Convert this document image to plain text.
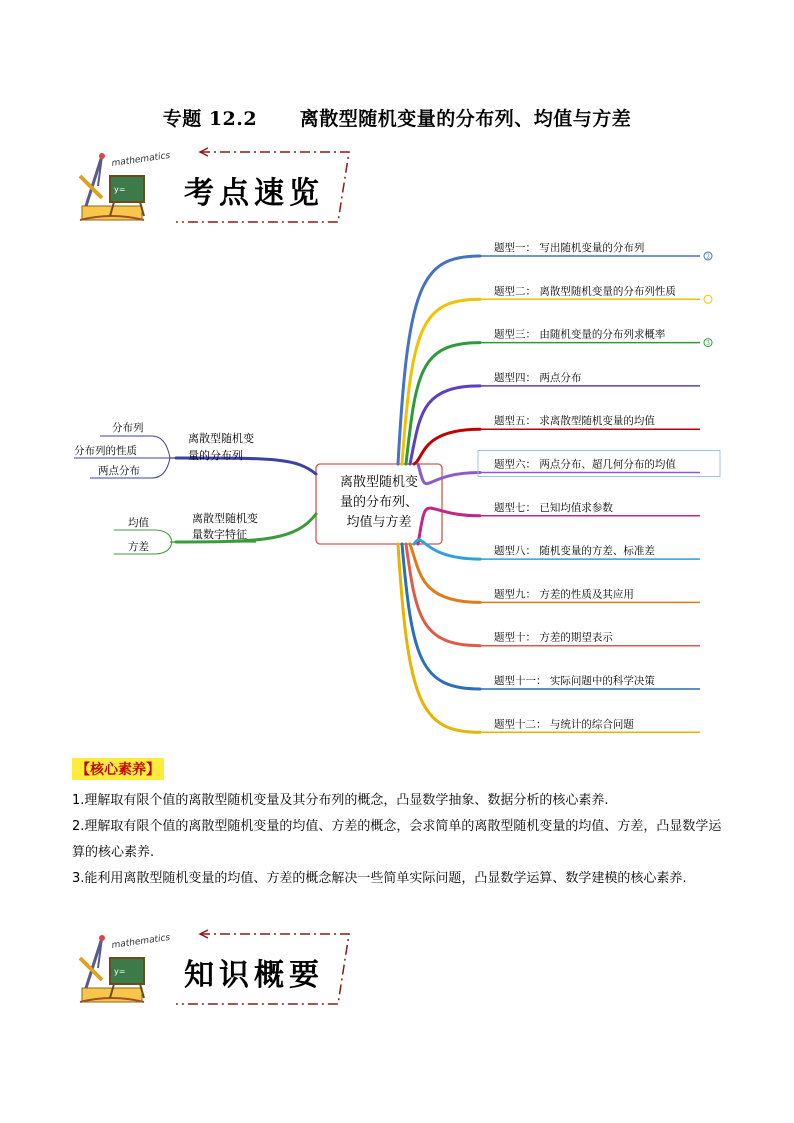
专题 12.2      离散型随机变量的分布列、均值与方差
y=
mathematics
考点速览
离散型随机变
量的分布列、
均值与方差
题型一： 写出随机变量的分布列
2
题型二： 离散型随机变量的分布列性质
题型三： 由随机变量的分布列求概率
3
题型四： 两点分布
题型五： 求离散型随机变量的均值
题型六： 两点分布、超几何分布的均值
题型七： 已知均值求参数
题型八： 随机变量的方差、标准差
题型九： 方差的性质及其应用
题型十： 方差的期望表示
题型十一： 实际问题中的科学决策
题型十二： 与统计的综合问题
离散型随机变
量的分布列
分布列
分布列的性质
两点分布
离散型随机变
量数字特征
均值
方差
【核心素养】
1.理解取有限个值的离散型随机变量及其分布列的概念，凸显数学抽象、数据分析的核心素养.
2.理解取有限个值的离散型随机变量的均值、方差的概念，会求简单的离散型随机变量的均值、方差，凸显数学运算的核心素养.
3.能利用离散型随机变量的均值、方差的概念解决一些简单实际问题，凸显数学运算、数学建模的核心素养.
y=
mathematics
知识概要
